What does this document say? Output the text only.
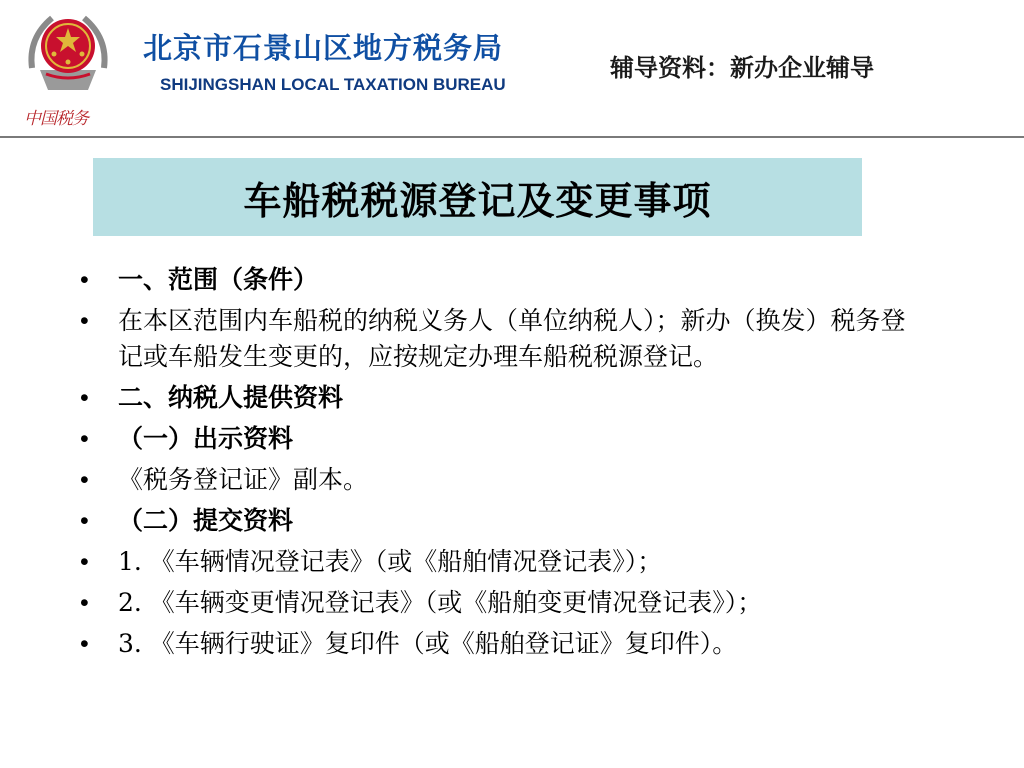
中国税务
北京市石景山区地方税务局
SHIJINGSHAN LOCAL TAXATION BUREAU
辅导资料：新办企业辅导
车船税税源登记及变更事项
• 一、范围（条件）
• 在本区范围内车船税的纳税义务人（单位纳税人）；新办（换发）税务登记或车船发生变更的，应按规定办理车船税税源登记。
• 二、纳税人提供资料
• （一）出示资料
• 《税务登记证》副本。
• （二）提交资料
• 1. 《车辆情况登记表》（或《船舶情况登记表》）；
• 2. 《车辆变更情况登记表》（或《船舶变更情况登记表》）；
• 3. 《车辆行驶证》复印件（或《船舶登记证》复印件）。
